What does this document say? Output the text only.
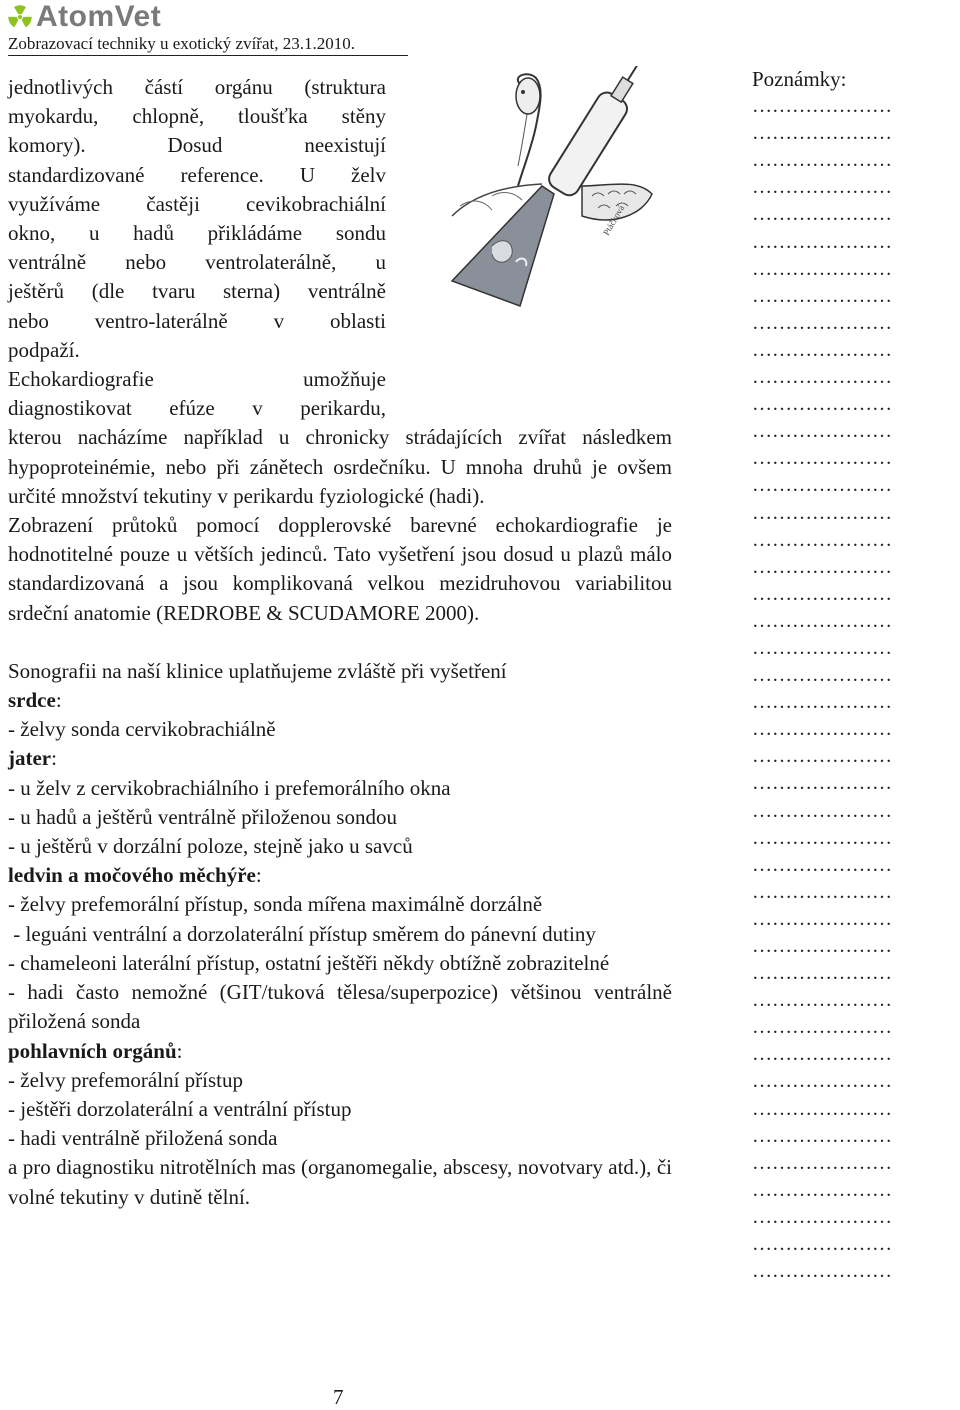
AtomVet
Zobrazovací techniky u exotický zvířat, 23.1.2010.
Ptáčková

jednotlivých částí orgánu (struktura

myokardu, chlopně, tloušťka stěny

komory). Dosud neexistují

standardizované reference. U želv

využíváme častěji cevikobrachiální

okno, u hadů přikládáme sondu

ventrálně nebo ventrolaterálně, u

ještěrů (dle tvaru sterna) ventrálně

nebo ventro-laterálně v oblasti

podpaží.

Echokardiografie umožňuje

diagnostikovat efúze v perikardu,

kterou nacházíme například u chronicky strádajících zvířat následkem hypoproteinémie, nebo při zánětech osrdečníku. U mnoha druhů je ovšem určité množství tekutiny v perikardu fyziologické (hadi).

Zobrazení průtoků pomocí dopplerovské barevné echokardiografie je hodnotitelné pouze u větších jedinců. Tato vyšetření jsou dosud u plazů málo standardizovaná a jsou komplikovaná velkou mezidruhovou variabilitou srdeční anatomie (REDROBE & SCUDAMORE 2000).

Sonografii na naší klinice uplatňujeme zvláště při vyšetření

srdce:

- želvy sonda cervikobrachiálně

jater:

- u želv z cervikobrachiálního i prefemorálního okna

- u hadů a ještěrů ventrálně přiloženou sondou

- u ještěrů v dorzální poloze, stejně jako u savců

ledvin a močového měchýře:

- želvy prefemorální přístup, sonda mířena maximálně dorzálně

- leguáni ventrální a dorzolaterální přístup směrem do pánevní dutiny

- chameleoni laterální přístup, ostatní ještěři někdy obtížně zobrazitelné

- hadi často nemožné (GIT/tuková tělesa/superpozice) většinou ventrálně přiložená sonda

pohlavních orgánů:

- želvy prefemorální přístup

- ještěři dorzolaterální a ventrální přístup

- hadi ventrálně přiložená sonda

a pro diagnostiku nitrotělních mas (organomegalie, abscesy, novotvary atd.), či volné tekutiny v dutině tělní.

Poznámky:
…………………
…………………
…………………
…………………
…………………
…………………
…………………
…………………
…………………
…………………
…………………
…………………
…………………
…………………
…………………
…………………
…………………
…………………
…………………
…………………
…………………
…………………
…………………
…………………
…………………
…………………
…………………
…………………
…………………
…………………
…………………
…………………
…………………
…………………
…………………
…………………
…………………
…………………
…………………
…………………
…………………
…………………
…………………
…………………
7
